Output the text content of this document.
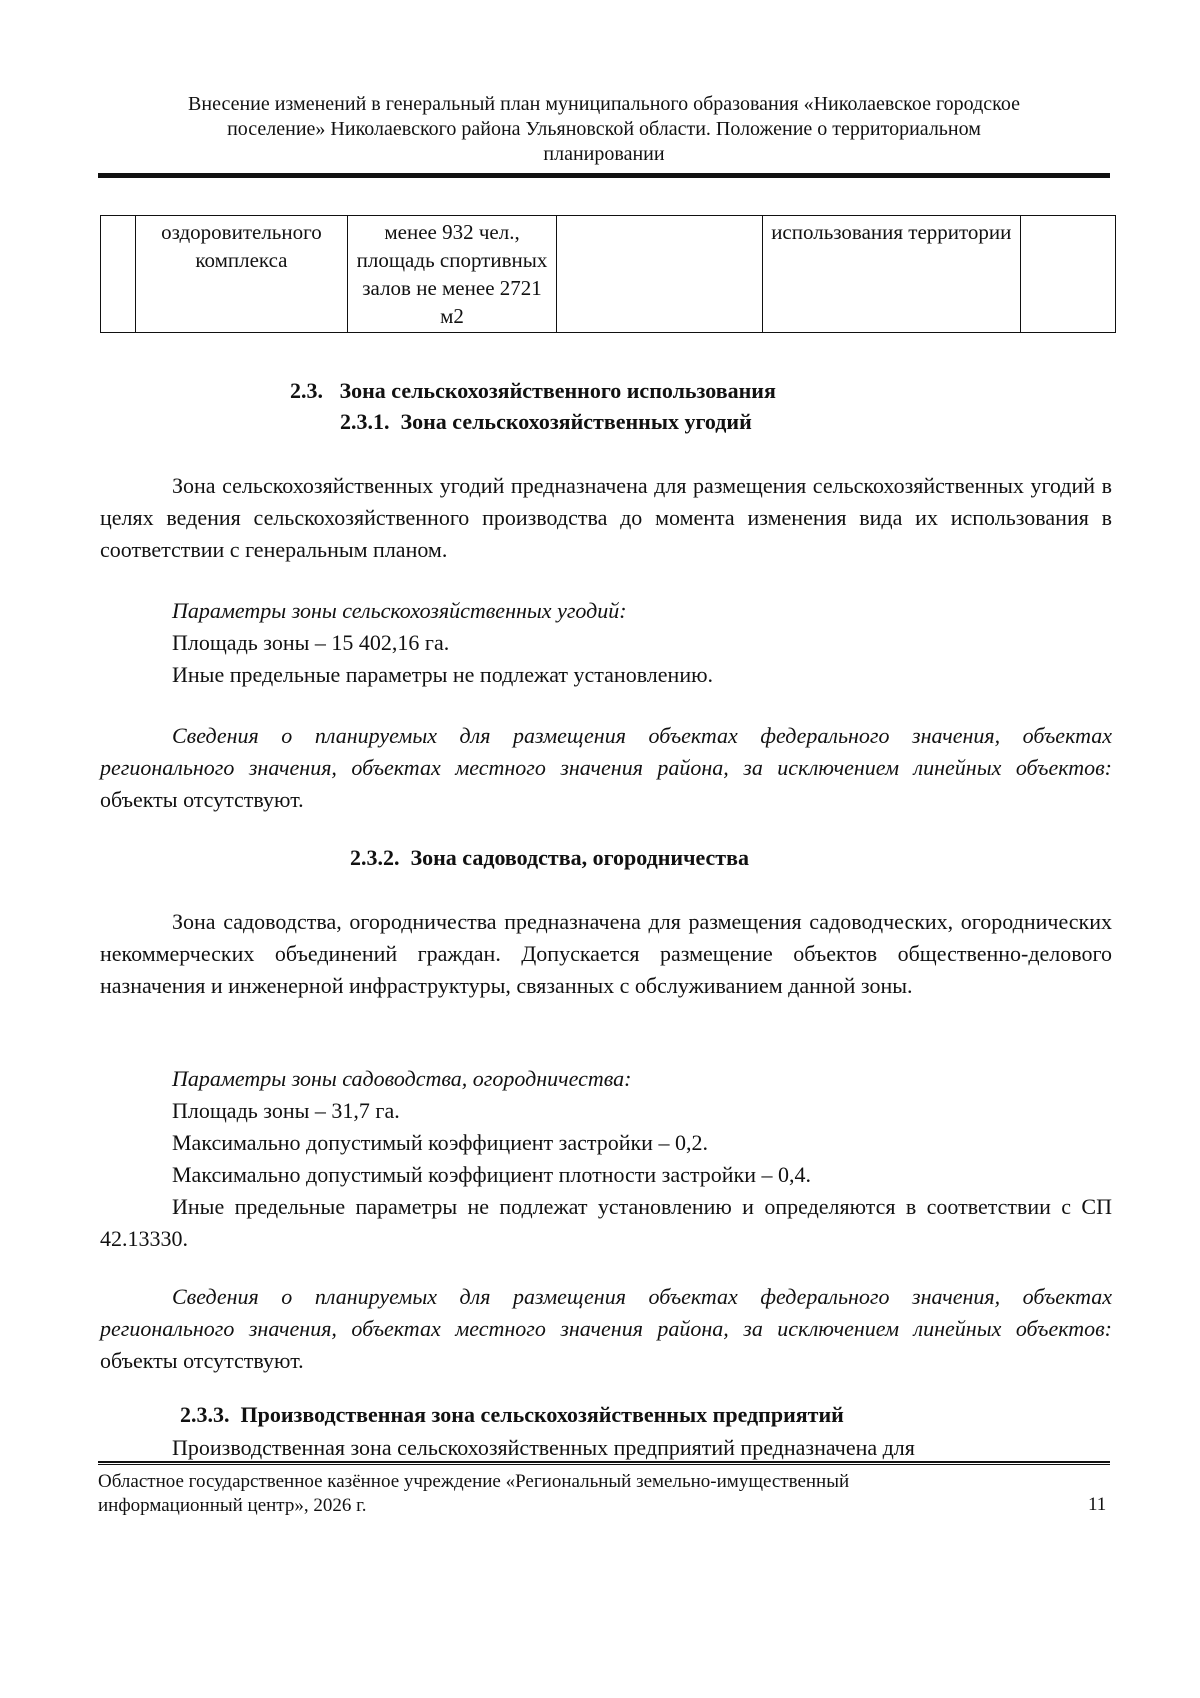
Внесение изменений в генеральный план муниципального образования «Николаевское городское
поселение» Николаевского района Ульяновской области. Положение о территориальном
планировании
	оздоровительного комплекса	менее 932 чел., площадь спортивных залов не менее 2721 м2		использования территории	
2.3.   Зона сельскохозяйственного использования
2.3.1.  Зона сельскохозяйственных угодий
Зона сельскохозяйственных угодий предназначена для размещения сельскохозяйственных угодий в целях ведения сельскохозяйственного производства до момента изменения вида их использования в соответствии с генеральным планом.
Параметры зоны сельскохозяйственных угодий:
Площадь зоны – 15 402,16 га.
Иные предельные параметры не подлежат установлению.
Сведения о планируемых для размещения объектах федерального значения, объектах регионального значения, объектах местного значения района, за исключением линейных объектов: объекты отсутствуют.
2.3.2.  Зона садоводства, огородничества
Зона садоводства, огородничества предназначена для размещения садоводческих, огороднических некоммерческих объединений граждан. Допускается размещение объектов общественно-делового назначения и инженерной инфраструктуры, связанных с обслуживанием данной зоны.
Параметры зоны садоводства, огородничества:
Площадь зоны – 31,7 га.
Максимально допустимый коэффициент застройки – 0,2.
Максимально допустимый коэффициент плотности застройки – 0,4.
Иные предельные параметры не подлежат установлению и определяются в соответствии с СП 42.13330.
Сведения о планируемых для размещения объектах федерального значения, объектах регионального значения, объектах местного значения района, за исключением линейных объектов: объекты отсутствуют.
2.3.3.  Производственная зона сельскохозяйственных предприятий
Производственная зона сельскохозяйственных предприятий предназначена для
Областное государственное казённое учреждение «Региональный земельно-имущественный
информационный центр», 2026 г.	11
